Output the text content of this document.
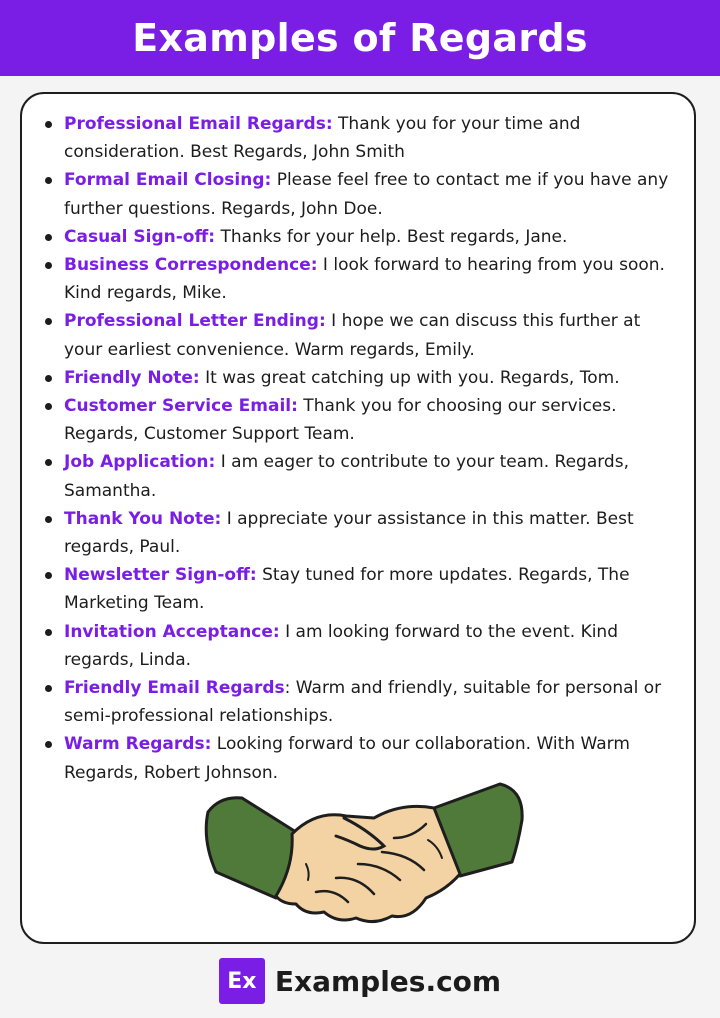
Examples of Regards
Professional Email Regards: Thank you for your time and consideration. Best Regards, John Smith
Formal Email Closing: Please feel free to contact me if you have any further questions. Regards, John Doe.
Casual Sign-off: Thanks for your help. Best regards, Jane.
Business Correspondence: I look forward to hearing from you soon. Kind regards, Mike.
Professional Letter Ending: I hope we can discuss this further at your earliest convenience. Warm regards, Emily.
Friendly Note: It was great catching up with you. Regards, Tom.
Customer Service Email: Thank you for choosing our services. Regards, Customer Support Team.
Job Application: I am eager to contribute to your team. Regards, Samantha.
Thank You Note: I appreciate your assistance in this matter. Best regards, Paul.
Newsletter Sign-off: Stay tuned for more updates. Regards, The Marketing Team.
Invitation Acceptance: I am looking forward to the event. Kind regards, Linda.
Friendly Email Regards: Warm and friendly, suitable for personal or semi-professional relationships.
Warm Regards: Looking forward to our collaboration. With Warm Regards, Robert Johnson.
Ex Examples.com
